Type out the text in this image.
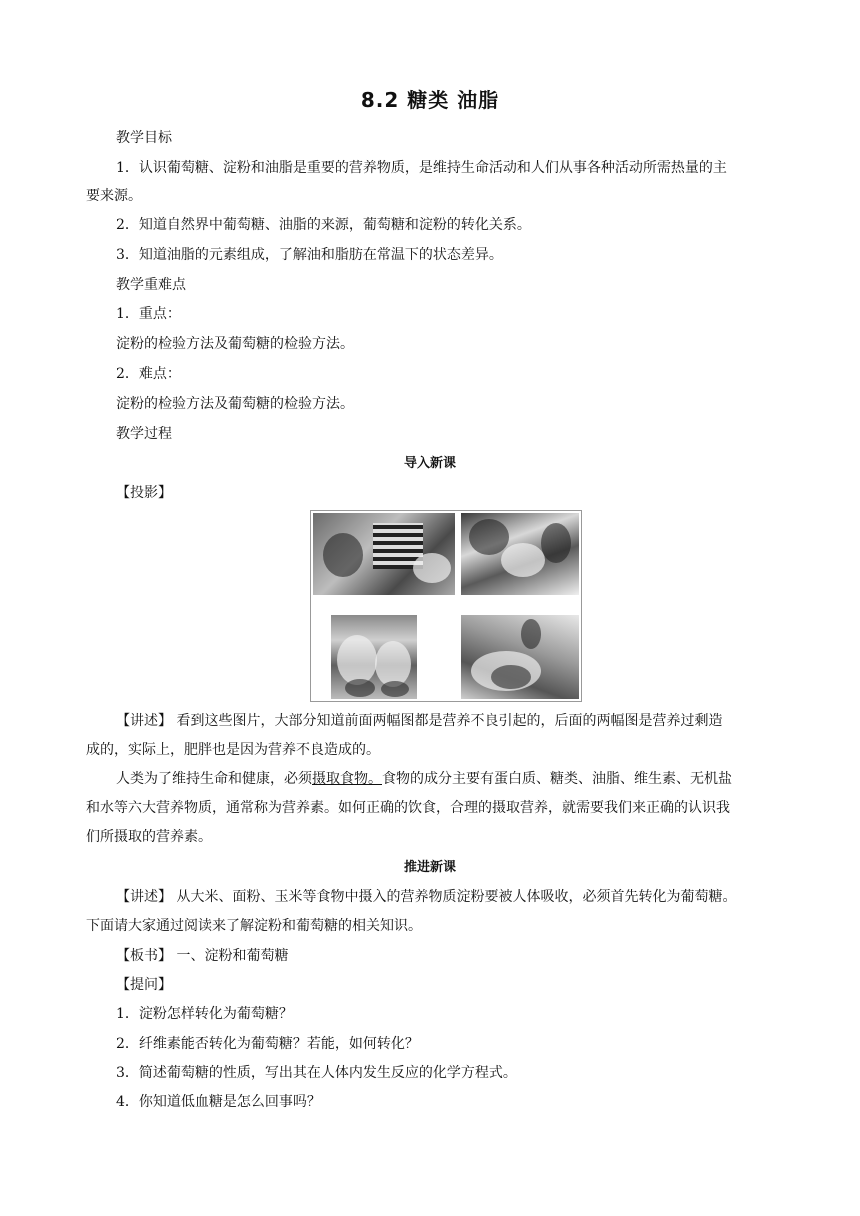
8.2 糖类 油脂
教学目标
1．认识葡萄糖、淀粉和油脂是重要的营养物质，是维持生命活动和人们从事各种活动所需热量的主
要来源。
2．知道自然界中葡萄糖、油脂的来源，葡萄糖和淀粉的转化关系。
3．知道油脂的元素组成，了解油和脂肪在常温下的状态差异。
教学重难点
1．重点：
淀粉的检验方法及葡萄糖的检验方法。
2．难点：
淀粉的检验方法及葡萄糖的检验方法。
教学过程
导入新课
【投影】
【讲述】 看到这些图片，大部分知道前面两幅图都是营养不良引起的，后面的两幅图是营养过剩造
成的，实际上，肥胖也是因为营养不良造成的。
人类为了维持生命和健康，必须摄取食物。食物的成分主要有蛋白质、糖类、油脂、维生素、无机盐
和水等六大营养物质，通常称为营养素。如何正确的饮食，合理的摄取营养，就需要我们来正确的认识我
们所摄取的营养素。
推进新课
【讲述】 从大米、面粉、玉米等食物中摄入的营养物质淀粉要被人体吸收，必须首先转化为葡萄糖。
下面请大家通过阅读来了解淀粉和葡萄糖的相关知识。
【板书】 一、淀粉和葡萄糖
【提问】
1．淀粉怎样转化为葡萄糖？
2．纤维素能否转化为葡萄糖？若能，如何转化？
3．简述葡萄糖的性质，写出其在人体内发生反应的化学方程式。
4．你知道低血糖是怎么回事吗？
